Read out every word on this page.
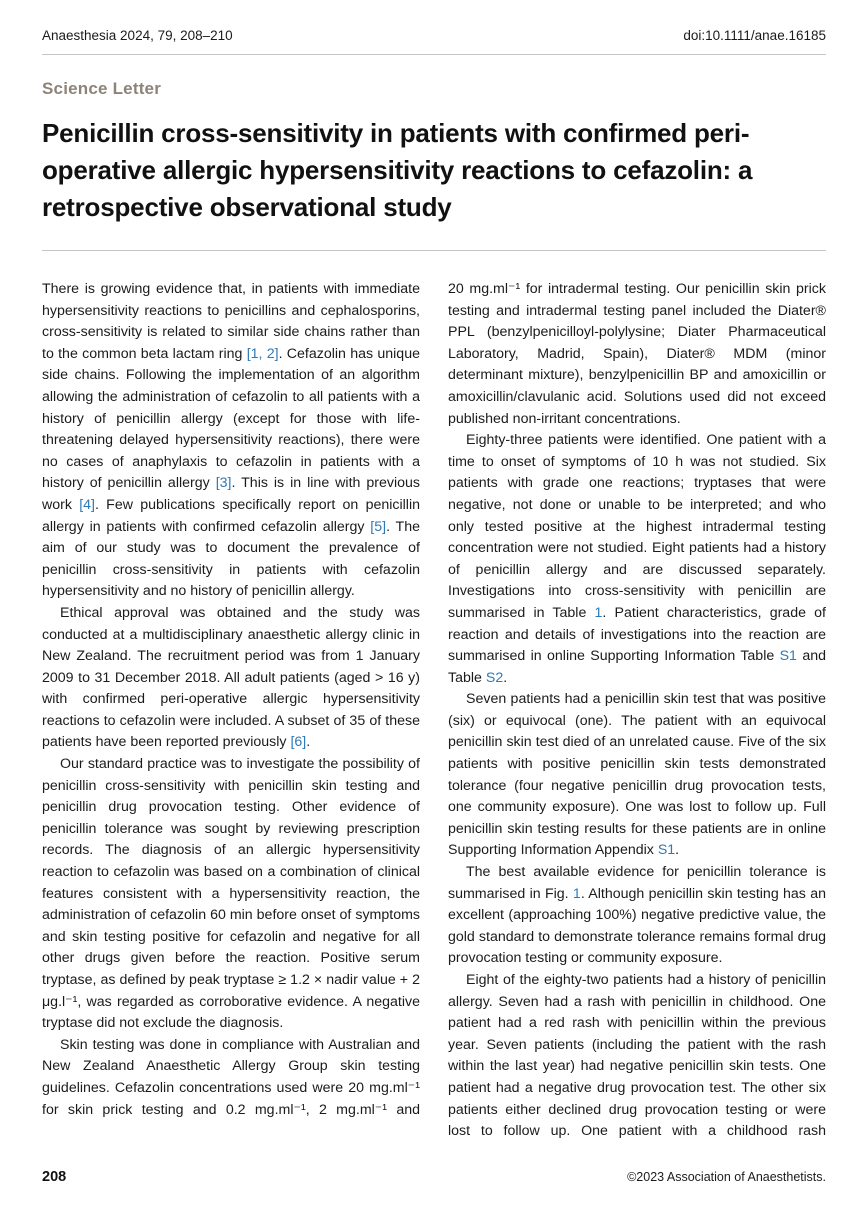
Anaesthesia 2024, 79, 208–210	doi:10.1111/anae.16185
Science Letter
Penicillin cross-sensitivity in patients with confirmed peri-operative allergic hypersensitivity reactions to cefazolin: a retrospective observational study

There is growing evidence that, in patients with immediate hypersensitivity reactions to penicillins and cephalosporins, cross-sensitivity is related to similar side chains rather than to the common beta lactam ring [1, 2]. Cefazolin has unique side chains. Following the implementation of an algorithm allowing the administration of cefazolin to all patients with a history of penicillin allergy (except for those with life-threatening delayed hypersensitivity reactions), there were no cases of anaphylaxis to cefazolin in patients with a history of penicillin allergy [3]. This is in line with previous work [4]. Few publications specifically report on penicillin allergy in patients with confirmed cefazolin allergy [5]. The aim of our study was to document the prevalence of penicillin cross-sensitivity in patients with cefazolin hypersensitivity and no history of penicillin allergy.

Ethical approval was obtained and the study was conducted at a multidisciplinary anaesthetic allergy clinic in New Zealand. The recruitment period was from 1 January 2009 to 31 December 2018. All adult patients (aged > 16 y) with confirmed peri-operative allergic hypersensitivity reactions to cefazolin were included. A subset of 35 of these patients have been reported previously [6].

Our standard practice was to investigate the possibility of penicillin cross-sensitivity with penicillin skin testing and penicillin drug provocation testing. Other evidence of penicillin tolerance was sought by reviewing prescription records. The diagnosis of an allergic hypersensitivity reaction to cefazolin was based on a combination of clinical features consistent with a hypersensitivity reaction, the administration of cefazolin 60 min before onset of symptoms and skin testing positive for cefazolin and negative for all other drugs given before the reaction. Positive serum tryptase, as defined by peak tryptase ≥ 1.2 × nadir value + 2 μg.l⁻¹, was regarded as corroborative evidence. A negative tryptase did not exclude the diagnosis.

Skin testing was done in compliance with Australian and New Zealand Anaesthetic Allergy Group skin testing guidelines. Cefazolin concentrations used were 20 mg.ml⁻¹ for skin prick testing and 0.2 mg.ml⁻¹, 2 mg.ml⁻¹ and

20 mg.ml⁻¹ for intradermal testing. Our penicillin skin prick testing and intradermal testing panel included the Diater® PPL (benzylpenicilloyl-polylysine; Diater Pharmaceutical Laboratory, Madrid, Spain), Diater® MDM (minor determinant mixture), benzylpenicillin BP and amoxicillin or amoxicillin/clavulanic acid. Solutions used did not exceed published non-irritant concentrations.

Eighty-three patients were identified. One patient with a time to onset of symptoms of 10 h was not studied. Six patients with grade one reactions; tryptases that were negative, not done or unable to be interpreted; and who only tested positive at the highest intradermal testing concentration were not studied. Eight patients had a history of penicillin allergy and are discussed separately. Investigations into cross-sensitivity with penicillin are summarised in Table 1. Patient characteristics, grade of reaction and details of investigations into the reaction are summarised in online Supporting Information Table S1 and Table S2.

Seven patients had a penicillin skin test that was positive (six) or equivocal (one). The patient with an equivocal penicillin skin test died of an unrelated cause. Five of the six patients with positive penicillin skin tests demonstrated tolerance (four negative penicillin drug provocation tests, one community exposure). One was lost to follow up. Full penicillin skin testing results for these patients are in online Supporting Information Appendix S1.

The best available evidence for penicillin tolerance is summarised in Fig. 1. Although penicillin skin testing has an excellent (approaching 100%) negative predictive value, the gold standard to demonstrate tolerance remains formal drug provocation testing or community exposure.

Eight of the eighty-two patients had a history of penicillin allergy. Seven had a rash with penicillin in childhood. One patient had a red rash with penicillin within the previous year. Seven patients (including the patient with the rash within the last year) had negative penicillin skin tests. One patient had a negative drug provocation test. The other six patients either declined drug provocation testing or were lost to follow up. One patient with a childhood rash

208	©2023 Association of Anaesthetists.
